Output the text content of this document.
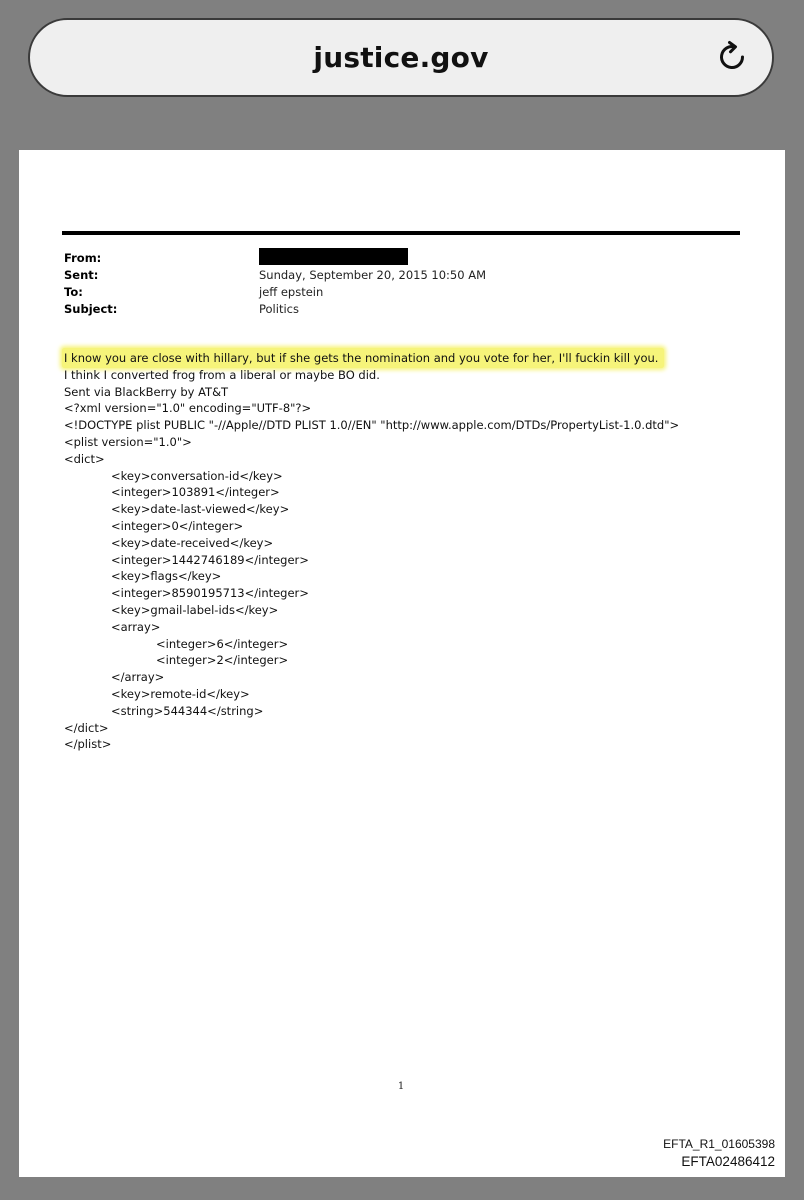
justice.gov
From:
Sent:	Sunday, September 20, 2015 10:50 AM
To:	jeff epstein
Subject:	Politics
I know you are close with hillary, but if she gets the nomination and you vote for her, I'll fuckin kill you.
I think I converted frog from a liberal or maybe BO did.
Sent via BlackBerry by AT&T
<?xml version="1.0" encoding="UTF-8"?>
<!DOCTYPE plist PUBLIC "-//Apple//DTD PLIST 1.0//EN" "http://www.apple.com/DTDs/PropertyList-1.0.dtd">
<plist version="1.0">
<dict>
<key>conversation-id</key>
<integer>103891</integer>
<key>date-last-viewed</key>
<integer>0</integer>
<key>date-received</key>
<integer>1442746189</integer>
<key>flags</key>
<integer>8590195713</integer>
<key>gmail-label-ids</key>
<array>
<integer>6</integer>
<integer>2</integer>
</array>
<key>remote-id</key>
<string>544344</string>
</dict>
</plist>
1
EFTA_R1_01605398
EFTA02486412
